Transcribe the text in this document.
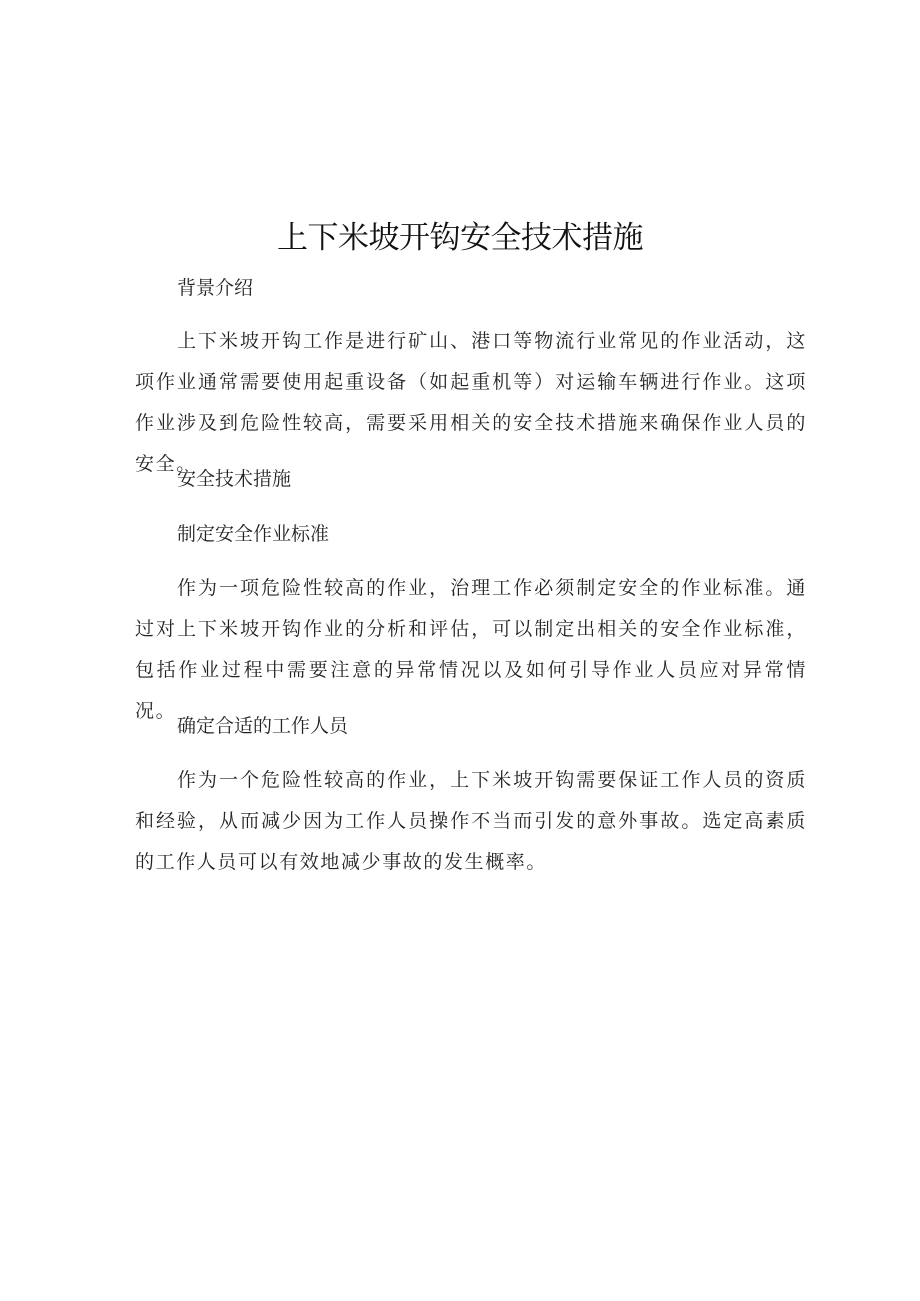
上下米坡开钩安全技术措施

背景介绍

上下米坡开钩工作是进行矿山、港口等物流行业常见的作业活动，这项作业通常需要使用起重设备（如起重机等）对运输车辆进行作业。这项作业涉及到危险性较高，需要采用相关的安全技术措施来确保作业人员的安全。

安全技术措施

制定安全作业标准

作为一项危险性较高的作业，治理工作必须制定安全的作业标准。通过对上下米坡开钩作业的分析和评估，可以制定出相关的安全作业标准，包括作业过程中需要注意的异常情况以及如何引导作业人员应对异常情况。

确定合适的工作人员

作为一个危险性较高的作业，上下米坡开钩需要保证工作人员的资质和经验，从而减少因为工作人员操作不当而引发的意外事故。选定高素质的工作人员可以有效地减少事故的发生概率。
